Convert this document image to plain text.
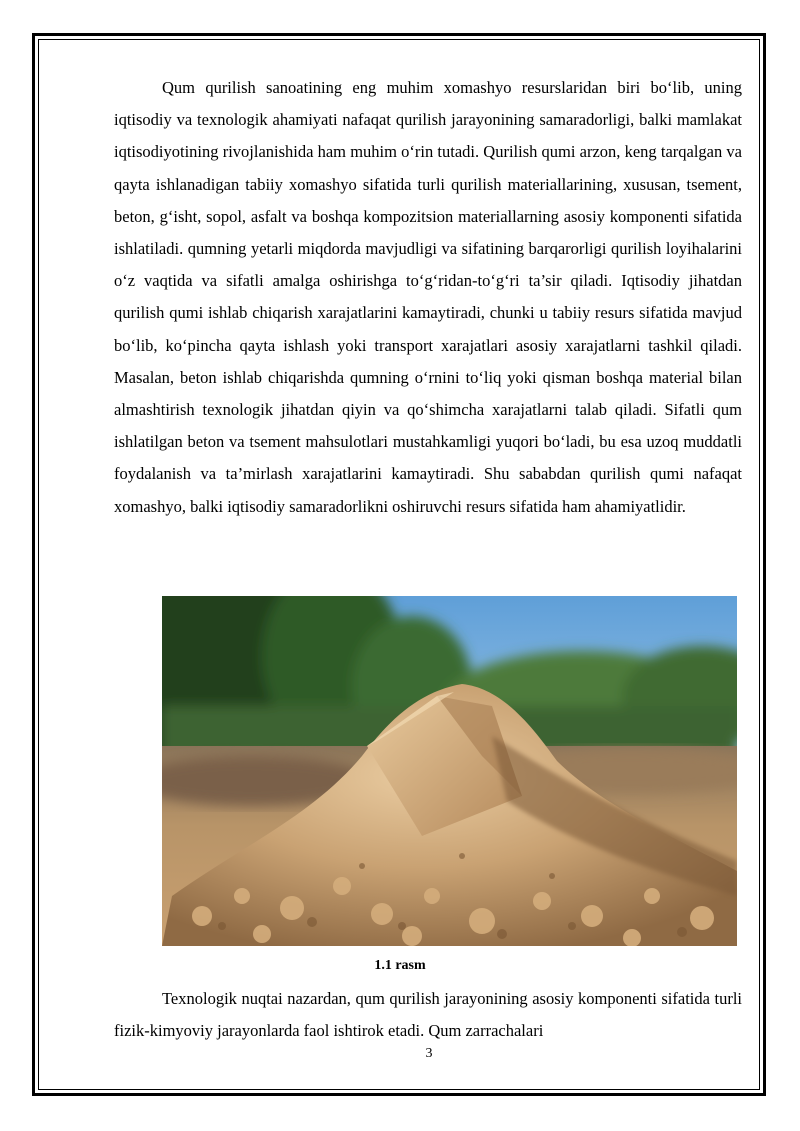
Qum qurilish sanoatining eng muhim xomashyo resurslaridan biri bo‘lib, uning iqtisodiy va texnologik ahamiyati nafaqat qurilish jarayonining samaradorligi, balki mamlakat iqtisodiyotining rivojlanishida ham muhim o‘rin tutadi. Qurilish qumi arzon, keng tarqalgan va qayta ishlanadigan tabiiy xomashyo sifatida turli qurilish materiallarining, xususan, tsement, beton, g‘isht, sopol, asfalt va boshqa kompozitsion materiallarning asosiy komponenti sifatida ishlatiladi. qumning yetarli miqdorda mavjudligi va sifatining barqarorligi qurilish loyihalarini o‘z vaqtida va sifatli amalga oshirishga to‘g‘ridan-to‘g‘ri ta’sir qiladi. Iqtisodiy jihatdan qurilish qumi ishlab chiqarish xarajatlarini kamaytiradi, chunki u tabiiy resurs sifatida mavjud bo‘lib, ko‘pincha qayta ishlash yoki transport xarajatlari asosiy xarajatlarni tashkil qiladi. Masalan, beton ishlab chiqarishda qumning o‘rnini to‘liq yoki qisman boshqa material bilan almashtirish texnologik jihatdan qiyin va qo‘shimcha xarajatlarni talab qiladi. Sifatli qum ishlatilgan beton va tsement mahsulotlari mustahkamligi yuqori bo‘ladi, bu esa uzoq muddatli foydalanish va ta’mirlash xarajatlarini kamaytiradi. Shu sababdan qurilish qumi nafaqat xomashyo, balki iqtisodiy samaradorlikni oshiruvchi resurs sifatida ham ahamiyatlidir.

1.1 rasm

Texnologik nuqtai nazardan, qum qurilish jarayonining asosiy komponenti sifatida turli fizik-kimyoviy jarayonlarda faol ishtirok etadi. Qum zarrachalari

3
